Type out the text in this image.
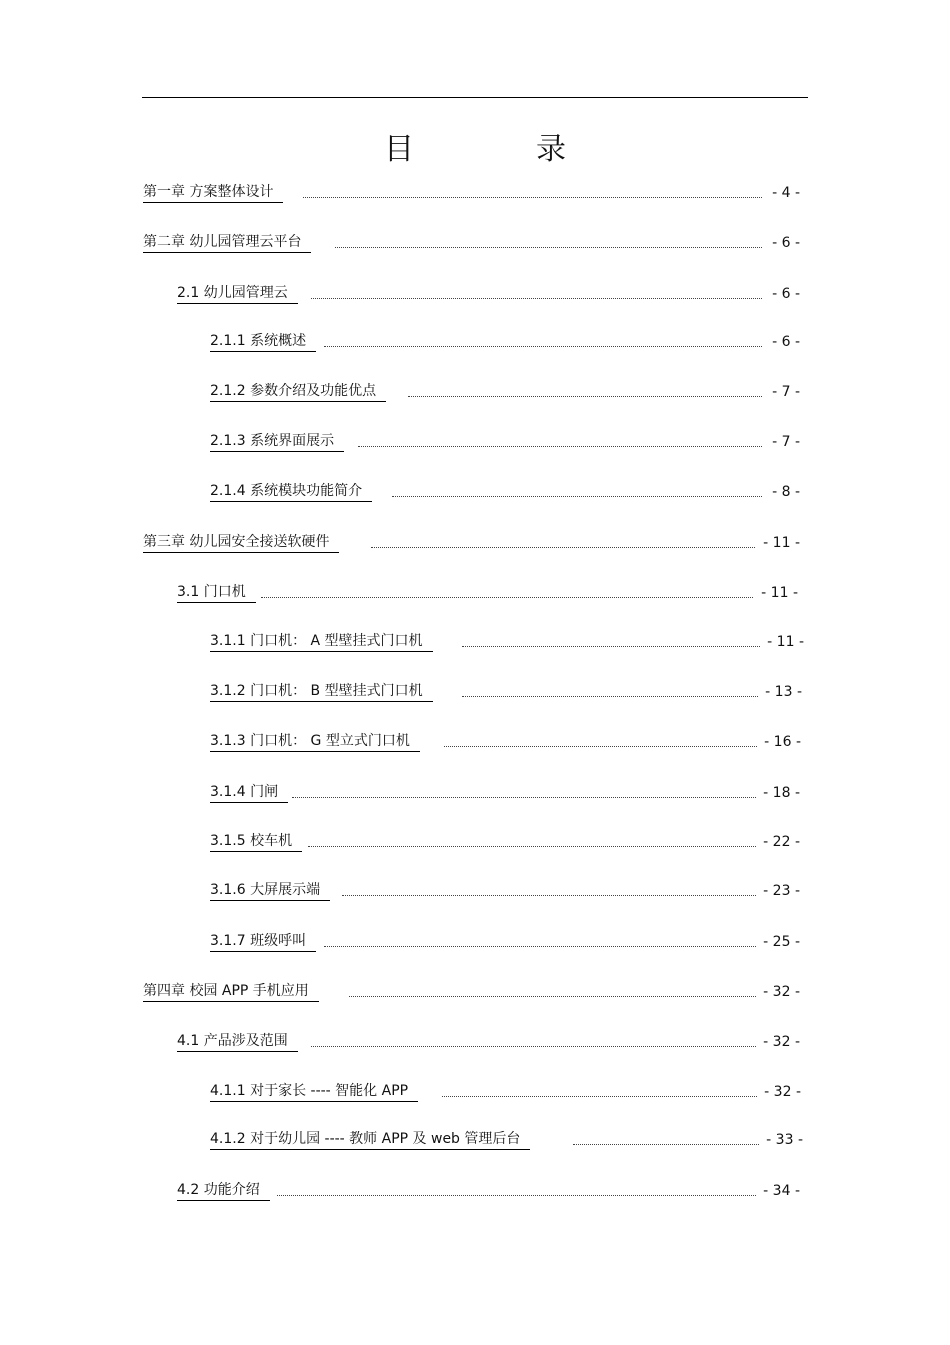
目　录
第一章 方案整体设计	- 4 -
第二章 幼儿园管理云平台	- 6 -
2.1 幼儿园管理云	- 6 -
2.1.1 系统概述	- 6 -
2.1.2 参数介绍及功能优点	- 7 -
2.1.3 系统界面展示	- 7 -
2.1.4 系统模块功能简介	- 8 -
第三章 幼儿园安全接送软硬件	- 11 -
3.1 门口机	- 11 -
3.1.1 门口机： A 型壁挂式门口机	- 11 -
3.1.2 门口机： B 型壁挂式门口机	- 13 -
3.1.3 门口机： G 型立式门口机	- 16 -
3.1.4 门闸	- 18 -
3.1.5 校车机	- 22 -
3.1.6 大屏展示端	- 23 -
3.1.7 班级呼叫	- 25 -
第四章 校园 APP 手机应用	- 32 -
4.1 产品涉及范围	- 32 -
4.1.1 对于家长 ---- 智能化 APP	- 32 -
4.1.2 对于幼儿园 ---- 教师 APP 及 web 管理后台	- 33 -
4.2 功能介绍	- 34 -
